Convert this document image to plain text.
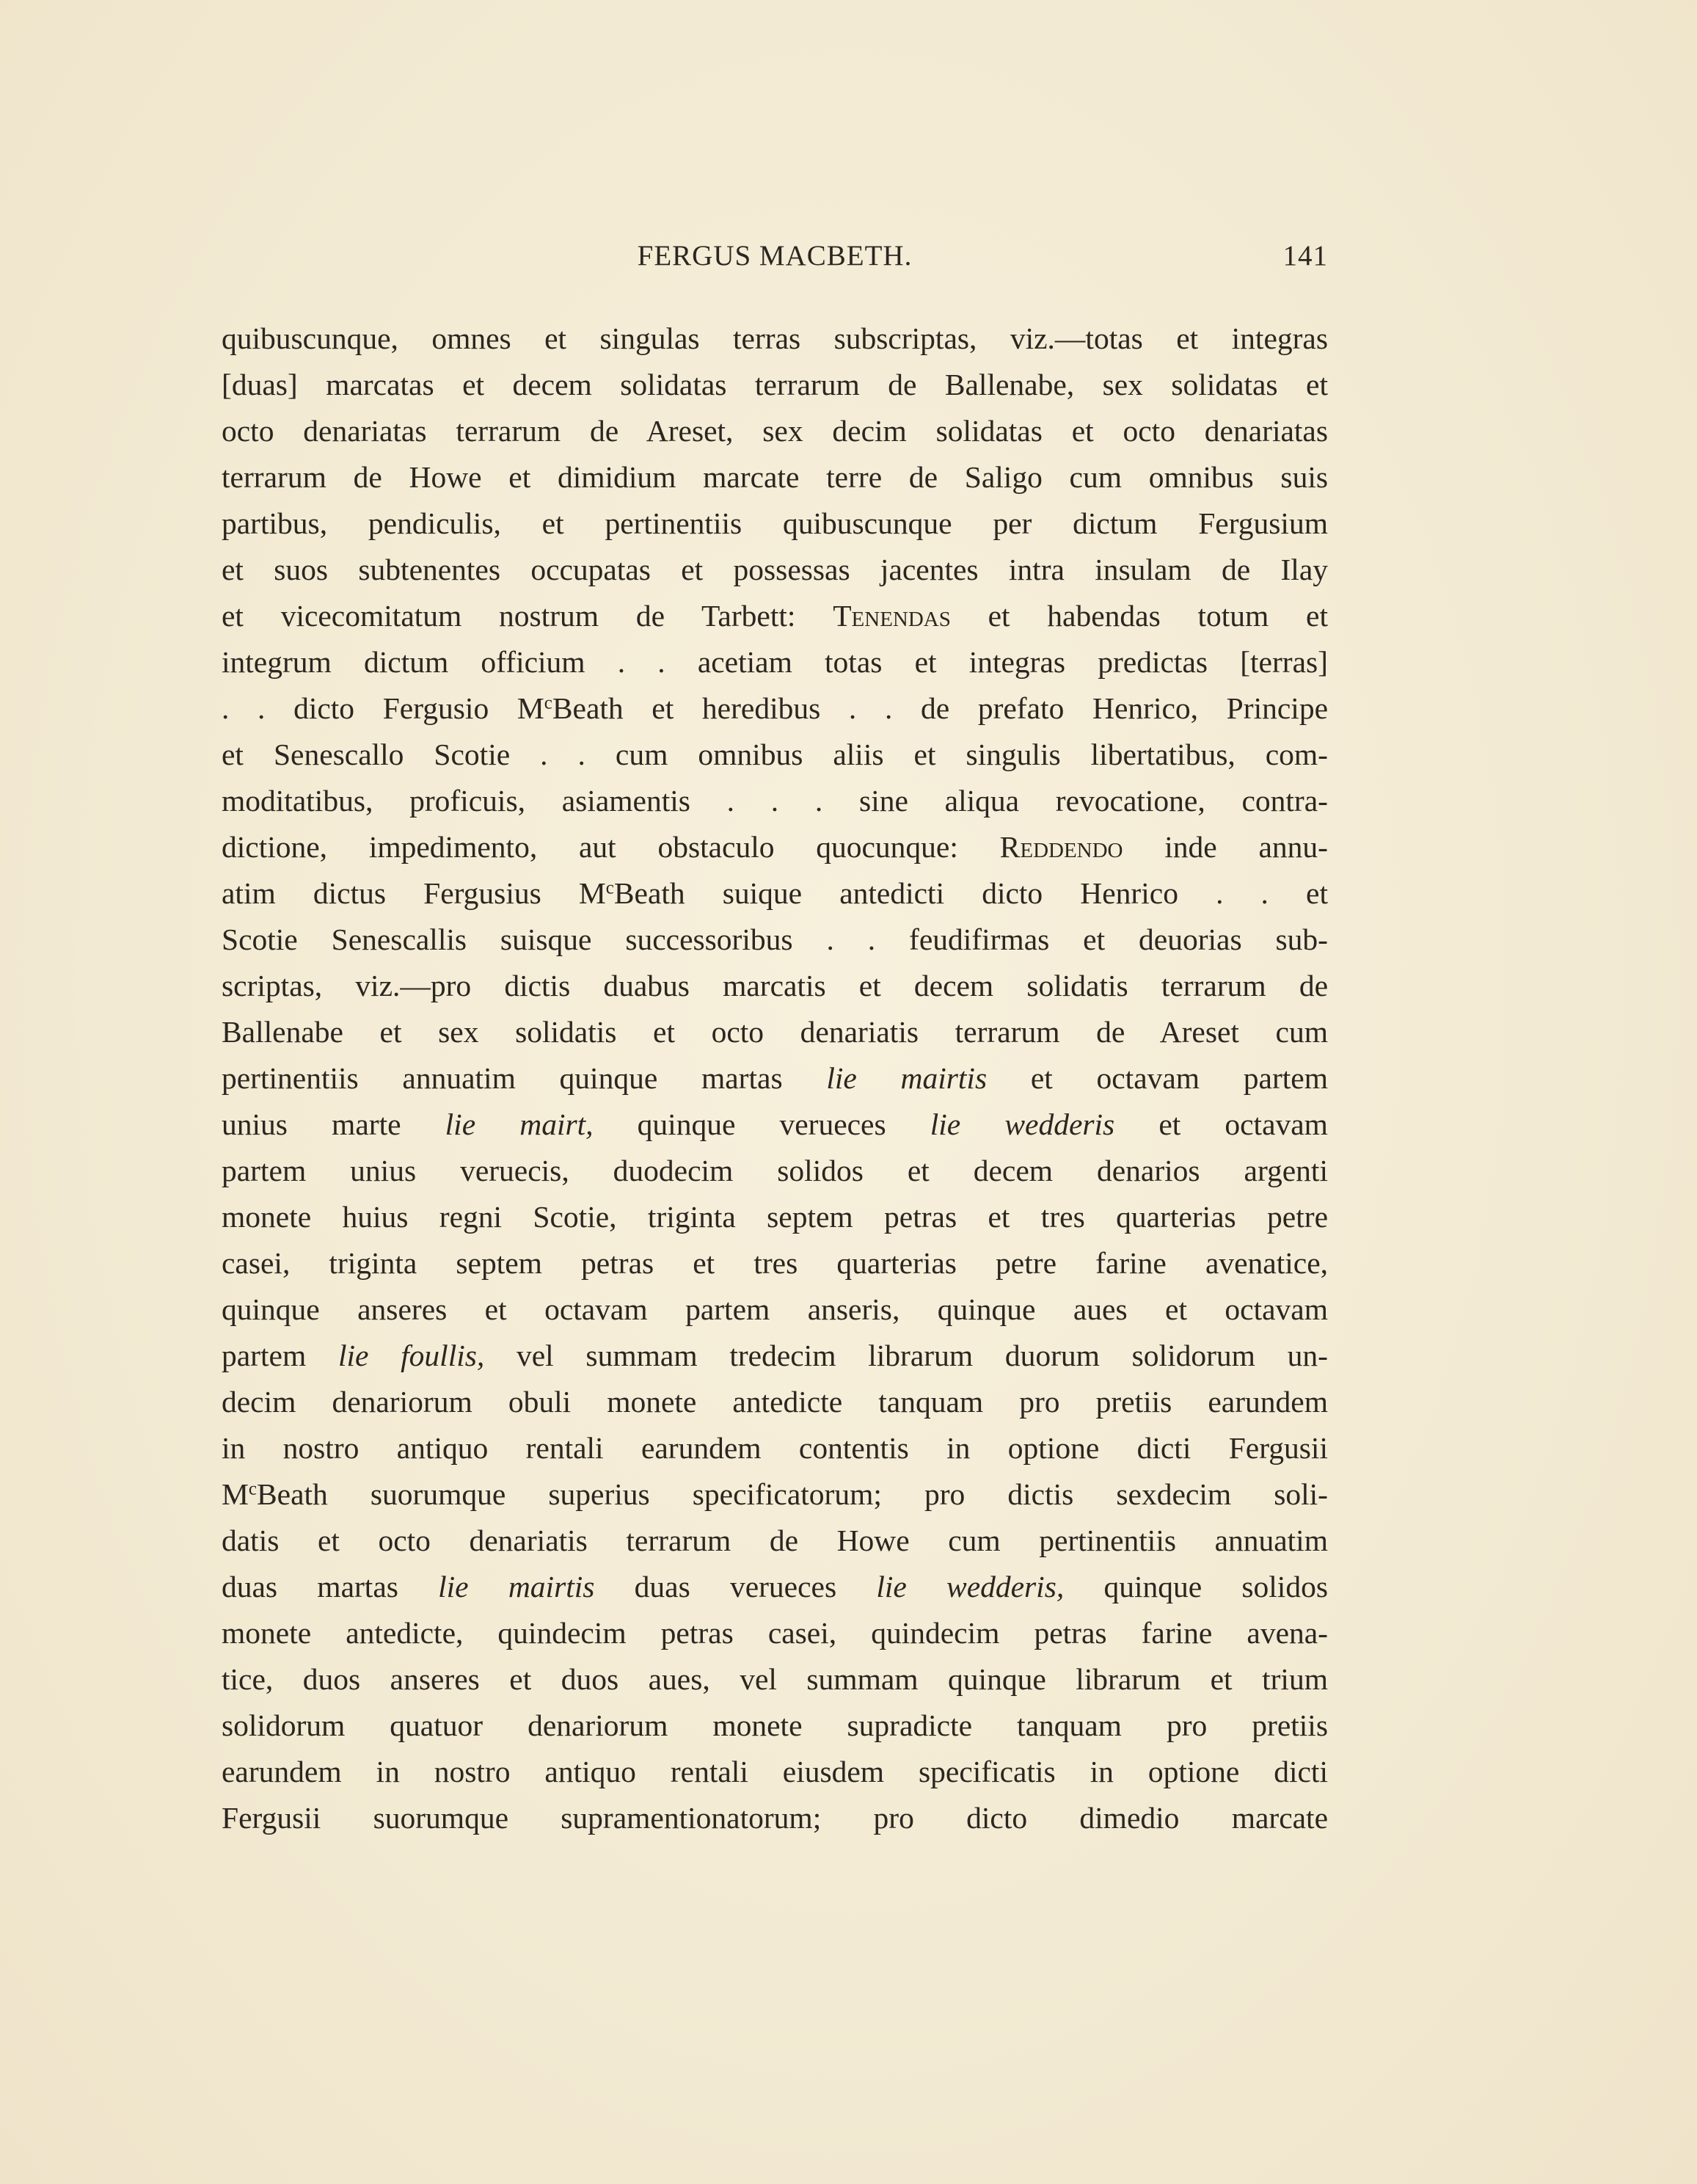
FERGUS MACBETH.	141
quibuscunque, omnes et singulas terras subscriptas, viz.—totas et integras
[duas] marcatas et decem solidatas terrarum de Ballenabe, sex solidatas et
octo denariatas terrarum de Areset, sex decim solidatas et octo denariatas
terrarum de Howe et dimidium marcate terre de Saligo cum omnibus suis
partibus, pendiculis, et pertinentiis quibuscunque per dictum Fergusium
et suos subtenentes occupatas et possessas jacentes intra insulam de Ilay
et vicecomitatum nostrum de Tarbett: Tenendas et habendas totum et
integrum dictum officium . . acetiam totas et integras predictas [terras]
. . dicto Fergusio $M^cBeath$ et heredibus . . de prefato Henrico, Principe
et Senescallo Scotie . . cum omnibus aliis et singulis libertatibus, com-
moditatibus, proficuis, asiamentis . . . sine aliqua revocatione, contra-
dictione, impedimento, aut obstaculo quocunque: Reddendo inde annu-
atim dictus Fergusius $M^cBeath$ suique antedicti dicto Henrico . . et
Scotie Senescallis suisque successoribus . . feudifirmas et deuorias sub-
scriptas, viz.—pro dictis duabus marcatis et decem solidatis terrarum de
Ballenabe et sex solidatis et octo denariatis terrarum de Areset cum
pertinentiis annuatim quinque martas lie mairtis et octavam partem
unius marte lie mairt, quinque verueces lie wedderis et octavam
partem unius veruecis, duodecim solidos et decem denarios argenti
monete huius regni Scotie, triginta septem petras et tres quarterias petre
casei, triginta septem petras et tres quarterias petre farine avenatice,
quinque anseres et octavam partem anseris, quinque aues et octavam
partem lie foullis, vel summam tredecim librarum duorum solidorum un-
decim denariorum obuli monete antedicte tanquam pro pretiis earundem
in nostro antiquo rentali earundem contentis in optione dicti Fergusii
$M^cBeath$ suorumque superius specificatorum; pro dictis sexdecim soli-
datis et octo denariatis terrarum de Howe cum pertinentiis annuatim
duas martas lie mairtis duas verueces lie wedderis, quinque solidos
monete antedicte, quindecim petras casei, quindecim petras farine avena-
tice, duos anseres et duos aues, vel summam quinque librarum et trium
solidorum quatuor denariorum monete supradicte tanquam pro pretiis
earundem in nostro antiquo rentali eiusdem specificatis in optione dicti
Fergusii suorumque supramentionatorum; pro dicto dimedio marcate
